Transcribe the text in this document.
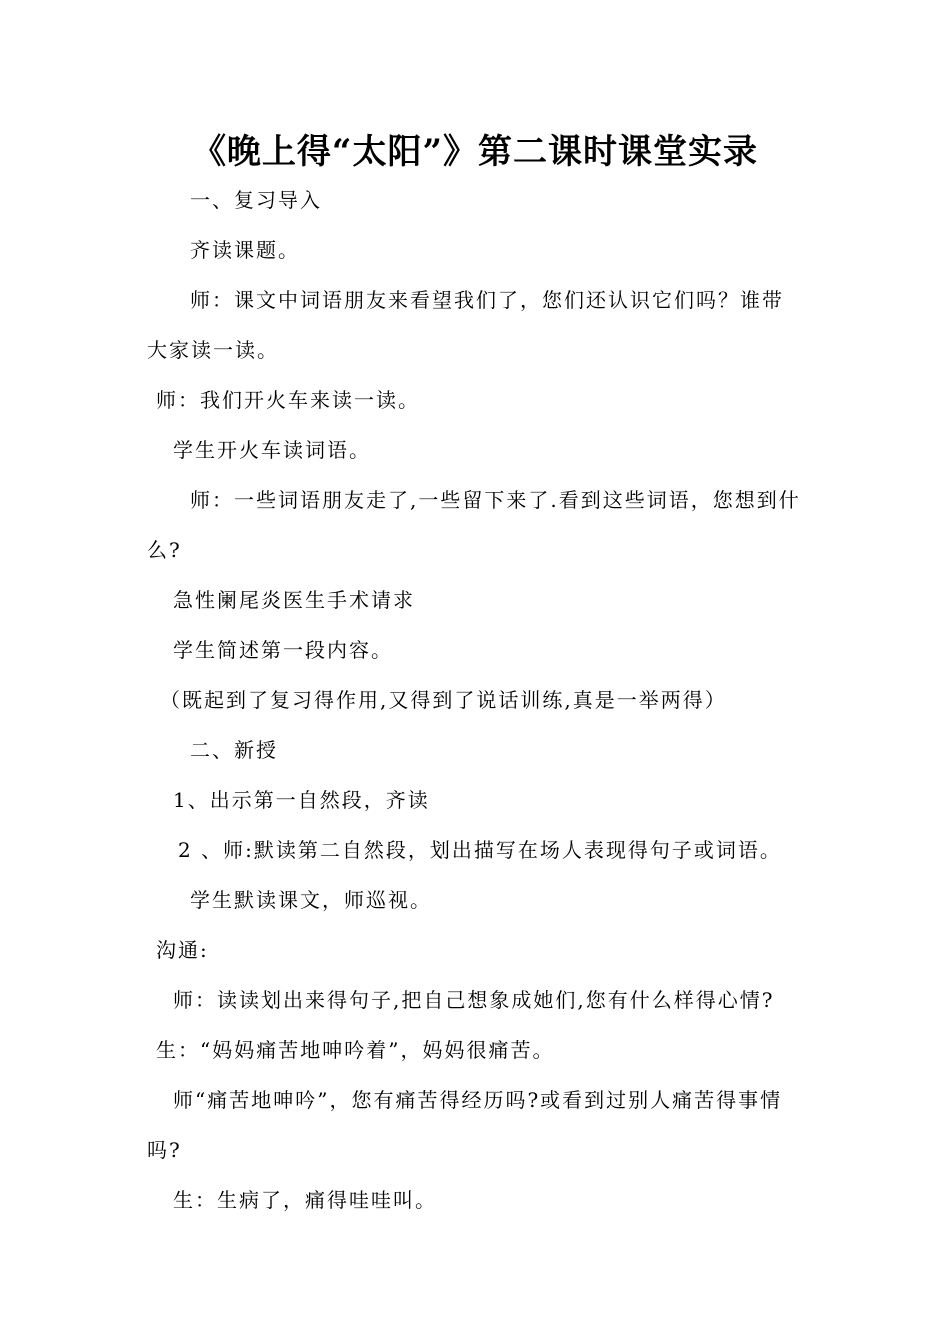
《晚上得“太阳”》第二课时课堂实录
一、复习导入
齐读课题。
师：课文中词语朋友来看望我们了，您们还认识它们吗？谁带
大家读一读。
师：我们开火车来读一读。
学生开火车读词语。
师：一些词语朋友走了,一些留下来了.看到这些词语，您想到什
么?
急性阑尾炎医生手术请求
学生简述第一段内容。
（既起到了复习得作用,又得到了说话训练,真是一举两得）
二、新授
1、出示第一自然段，齐读
2 、师:默读第二自然段，划出描写在场人表现得句子或词语。
学生默读课文，师巡视。
沟通:
师：读读划出来得句子,把自己想象成她们,您有什么样得心情?
生：“妈妈痛苦地呻吟着”，妈妈很痛苦。
师“痛苦地呻吟”，您有痛苦得经历吗?或看到过别人痛苦得事情
吗?
生：生病了，痛得哇哇叫。
